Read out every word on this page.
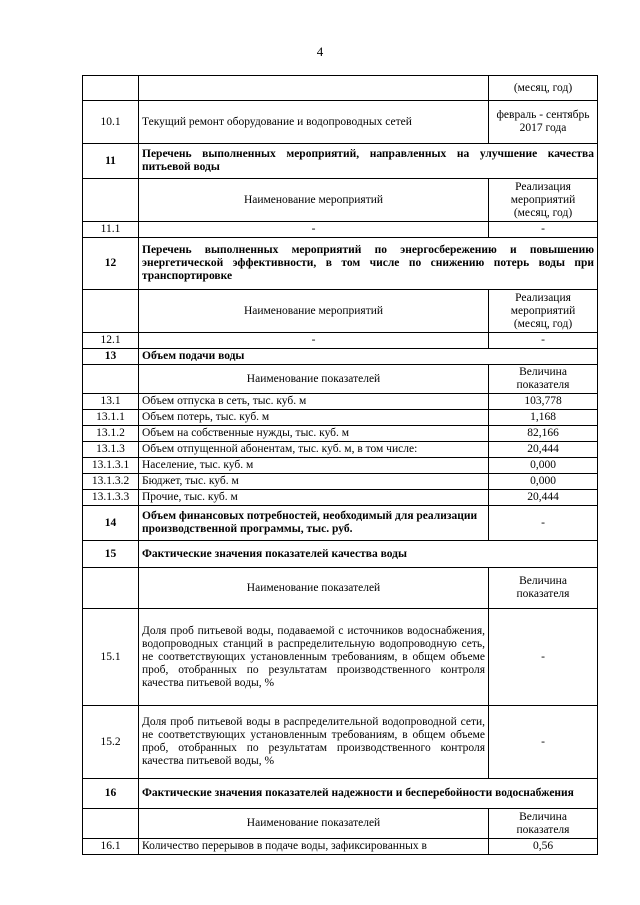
4
		(месяц, год)
10.1	Текущий ремонт оборудование и водопроводных сетей	февраль - сентябрь 2017 года
11	Перечень выполненных мероприятий, направленных на улучшение качества питьевой воды	
	Наименование мероприятий	Реализация мероприятий (месяц, год)
11.1	-	-
12	Перечень выполненных мероприятий по энергосбережению и повышению энергетической эффективности, в том числе по снижению потерь воды при транспортировке	
	Наименование мероприятий	Реализация мероприятий (месяц, год)
12.1	-	-
13	Объем подачи воды	
	Наименование показателей	Величина показателя
13.1	Объем отпуска в сеть, тыс. куб. м	103,778
13.1.1	Объем потерь, тыс. куб. м	1,168
13.1.2	Объем на собственные нужды, тыс. куб. м	82,166
13.1.3	Объем отпущенной абонентам, тыс. куб. м, в том числе:	20,444
13.1.3.1	Население, тыс. куб. м	0,000
13.1.3.2	Бюджет, тыс. куб. м	0,000
13.1.3.3	Прочие, тыс. куб. м	20,444
14	Объем финансовых потребностей, необходимый для реализации производственной программы, тыс. руб.	-
15	Фактические значения показателей качества воды	
	Наименование показателей	Величина показателя
15.1	Доля проб питьевой воды, подаваемой с источников водоснабжения, водопроводных станций в распределительную водопроводную сеть, не соответствующих установленным требованиям, в общем объеме проб, отобранных по результатам производственного контроля качества питьевой воды, %	-
15.2	Доля проб питьевой воды в распределительной водопроводной сети, не соответствующих установленным требованиям, в общем объеме проб, отобранных по результатам производственного контроля качества питьевой воды, %	-
16	Фактические значения показателей надежности и бесперебойности водоснабжения	
	Наименование показателей	Величина показателя
16.1	Количество перерывов в подаче воды, зафиксированных в	0,56
